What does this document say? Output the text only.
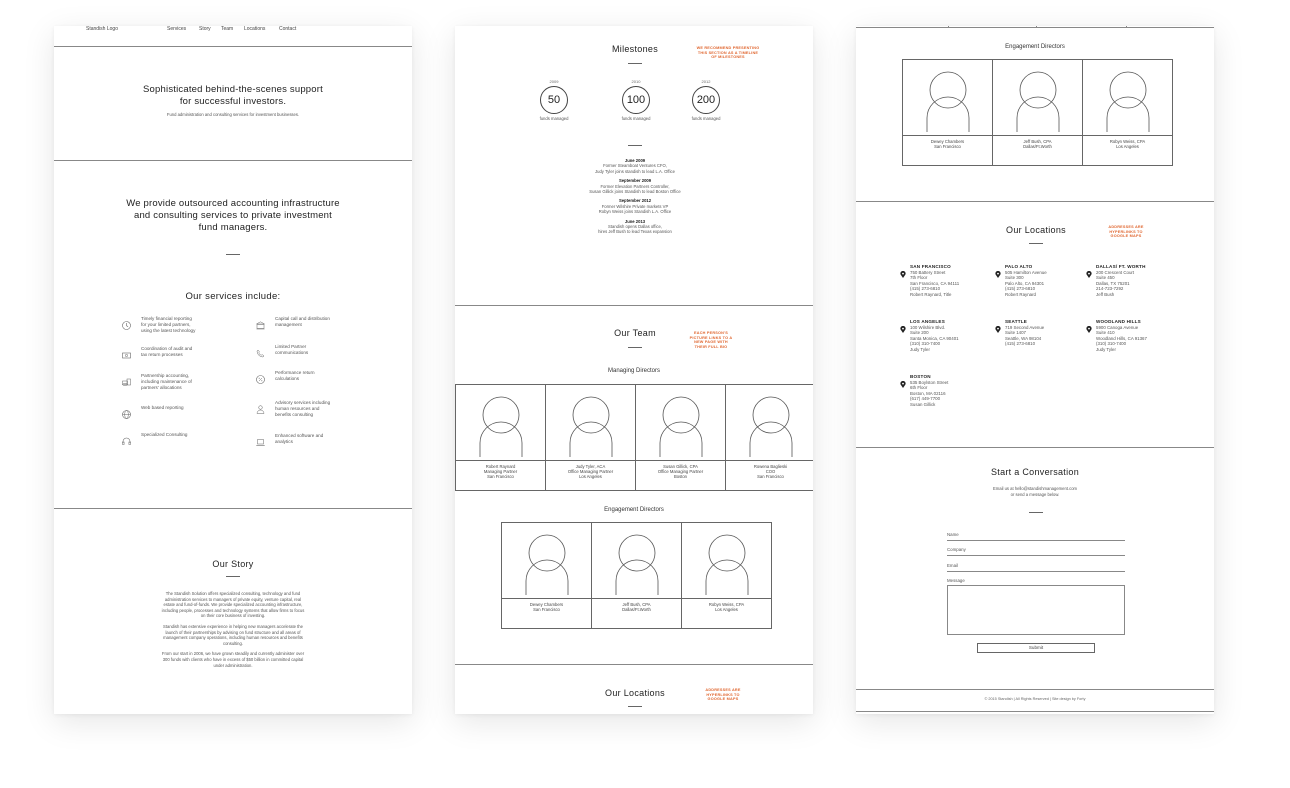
Standish Logo	Services	Story Team Locations	Contact
Sophisticated behind-the-scenes support
for successful investors.
Fund administration and consulting services for investment businesses.
We provide outsourced accounting infrastructure
and consulting services to private investment
fund managers.
Our services include:
Timely financial reporting
for your limited partners,
using the latest technology
Coordination of audit and
tax return processes
Partnership accounting,
including maintenance of
partners' allocations
Web based reporting
Specialized Consulting
Capital call and distribution
management
Limited Partner
communications
Performance return
calculations
Advisory services including
human resources and
benefits consulting
Enhanced software and
analytics
Our Story
The Standish Solution offers specialized consulting, technology and fund
administration services to managers of private equity, venture capital, real
estate and fund-of-funds. We provide specialized accounting infrastructure,
including people, processes and technology systems that allow firms to focus
on their core business of investing.
Standish has extensive experience in helping new managers accelerate the
launch of their partnerships by advising on fund structure and all areas of
management company operations, including human resources and benefits
consulting.
From our start in 2006, we have grown steadily and currently administer over
300 funds with clients who have in excess of $50 billion in committed capital
under administration.
Milestones	WE RECOMMEND PRESENTING
THIS SECTION AS A TIMELINE
OF MILESTONES
2009
50
funds managed
2010
100
funds managed
2012
200
funds managed
June 2009
Former Steamboat Ventures CFO,
Judy Tyler joins standish to lead L.A. Office
September 2009
Former Elevation Partners Controller,
Susan Gillick joins Standish to lead Boston Office
September 2012
Former Wilshire Private markets VP
Robyn Weiss joins Standish L.A. Office
June 2013
Standish opens Dallas office,
hires Jeff Bush to lead Texas expansion
Our Team	EACH PERSON'S
PICTURE LINKS TO A
NEW PAGE WITH
THEIR FULL BIO
Managing Directors
Robert Raynard
Managing Partner
San Francisco
Judy Tyler, ACA
Office Managing Partner
Los Angeles
Susan Gillick, CPA
Office Managing Partner
Boston
Rowena Baglieski
COO
San Francisco
Engagement Directors
Dewey Chambers
San Francisco
Jeff Bush, CPA
Dallas/Ft.Worth
Robyn Weiss, CPA
Los Angeles
Our Locations	ADDRESSES ARE
HYPERLINKS TO
GOOGLE MAPS
Engagement Directors
Dewey Chambers
San Francisco
Jeff Bush, CPA
Dallas/Ft.Worth
Robyn Weiss, CPA
Los Angeles
Our Locations	ADDRESSES ARE
HYPERLINKS TO
GOOGLE MAPS
SAN FRANCISCO
750 Battery Street
7th Floor
San Francisco, CA 94111
(415) 273-6810
Robert Raynard, Title
PALO ALTO
505 Hamilton Avenue
Suite 300
Palo Alto, CA 94301
(415) 273-6810
Robert Raynard
DALLAS/ FT. WORTH
200 Crescent Court
Suite 450
Dallas, TX 75201
214-723-7292
Jeff Bush
LOS ANGELES
100 Wilshire Blvd.
Suite 200
Santa Monica, CA 90401
(310) 310-7400
Judy Tyler
SEATTLE
719 Second Avenue
Suite 1407
Seattle, WA 98104
(415) 273-6810
WOODLAND HILLS
5900 Canoga Avenue
Suite 410
Woodland Hills, CA 91367
(310) 310-7400
Judy Tyler
BOSTON
535 Boylston Street
6th Floor
Boston, MA 02116
(617) 449-7700
Susan Gillick
Start a Conversation
Email us at hello@standishmanagement.com
or send a message below.
Name
Company
Email
Message
Submit
© 2015 Standish | All Rights Reserved | Site design by Forty
